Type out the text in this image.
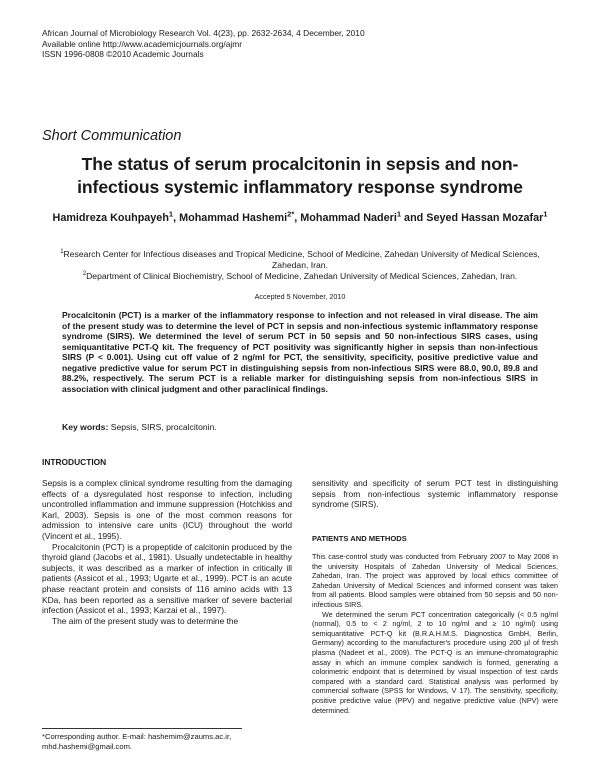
African Journal of Microbiology Research Vol. 4(23), pp. 2632-2634, 4 December, 2010
Available online http://www.academicjournals.org/ajmr
ISSN 1996-0808 ©2010 Academic Journals
Short Communication
The status of serum procalcitonin in sepsis and non-infectious systemic inflammatory response syndrome
Hamidreza Kouhpayeh$^1$, Mohammad Hashemi$^{2*}$, Mohammad Naderi$^1$ and Seyed Hassan Mozafar$^1$
$^1$Research Center for Infectious diseases and Tropical Medicine, School of Medicine, Zahedan University of Medical Sciences, Zahedan, Iran.
$^2$Department of Clinical Biochemistry, School of Medicine, Zahedan University of Medical Sciences, Zahedan, Iran.
Accepted 5 November, 2010
Procalcitonin (PCT) is a marker of the inflammatory response to infection and not released in viral disease. The aim of the present study was to determine the level of PCT in sepsis and non-infectious systemic inflammatory response syndrome (SIRS). We determined the level of serum PCT in 50 sepsis and 50 non-infectious SIRS cases, using semiquantitative PCT-Q kit. The frequency of PCT positivity was significantly higher in sepsis than non-infectious SIRS (P < 0.001). Using cut off value of 2 ng/ml for PCT, the sensitivity, specificity, positive predictive value and negative predictive value for serum PCT in distinguishing sepsis from non-infectious SIRS were 88.0, 90.0, 89.8 and 88.2%, respectively. The serum PCT is a reliable marker for distinguishing sepsis from non-infectious SIRS in association with clinical judgment and other paraclinical findings.
Key words: Sepsis, SIRS, procalcitonin.
INTRODUCTION

Sepsis is a complex clinical syndrome resulting from the damaging effects of a dysregulated host response to infection, including uncontrolled inflammation and immune suppression (Hotchkiss and Karl, 2003). Sepsis is one of the most common reasons for admission to intensive care units (ICU) throughout the world (Vincent et al., 1995).

Procalcitonin (PCT) is a propeptide of calcitonin produced by the thyroid gland (Jacobs et al., 1981). Usually undetectable in healthy subjects, it was described as a marker of infection in critically ill patients (Assicot et al., 1993; Ugarte et al., 1999). PCT is an acute phase reactant protein and consists of 116 amino acids with 13 KDa, has been reported as a sensitive marker of severe bacterial infection (Assicot et al., 1993; Karzai et al., 1997).

The aim of the present study was to determine the

*Corresponding author. E-mail: hashemim@zaums.ac.ir, mhd.hashemi@gmail.com.
sensitivity and specificity of serum PCT test in distinguishing sepsis from non-infectious systemic inflammatory response syndrome (SIRS).
PATIENTS AND METHODS

This case-control study was conducted from February 2007 to May 2008 in the university Hospitals of Zahedan University of Medical Sciences, Zahedan, Iran. The project was approved by local ethics committee of Zahedan University of Medical Sciences and informed consent was taken from all patients. Blood samples were obtained from 50 sepsis and 50 non-infectious SIRS.

We determined the serum PCT concentration categorically (< 0.5 ng/ml (normal), 0.5 to < 2 ng/ml, 2 to 10 ng/ml and ≥ 10 ng/ml) using semiquantitative PCT-Q kit (B.R.A.H.M.S. Diagnostica GmbH, Berlin, Germany) according to the manufacturer's procedure using 200 µl of fresh plasma (Nadeet et al., 2009). The PCT-Q is an immune-chromatographic assay in which an immune complex sandwich is formed, generating a colorimetric endpoint that is determined by visual inspection of test cards compared with a standard card. Statistical analysis was performed by commercial software (SPSS for Windows, V 17). The sensitivity, specificity, positive predictive value (PPV) and negative predictive value (NPV) were determined.
